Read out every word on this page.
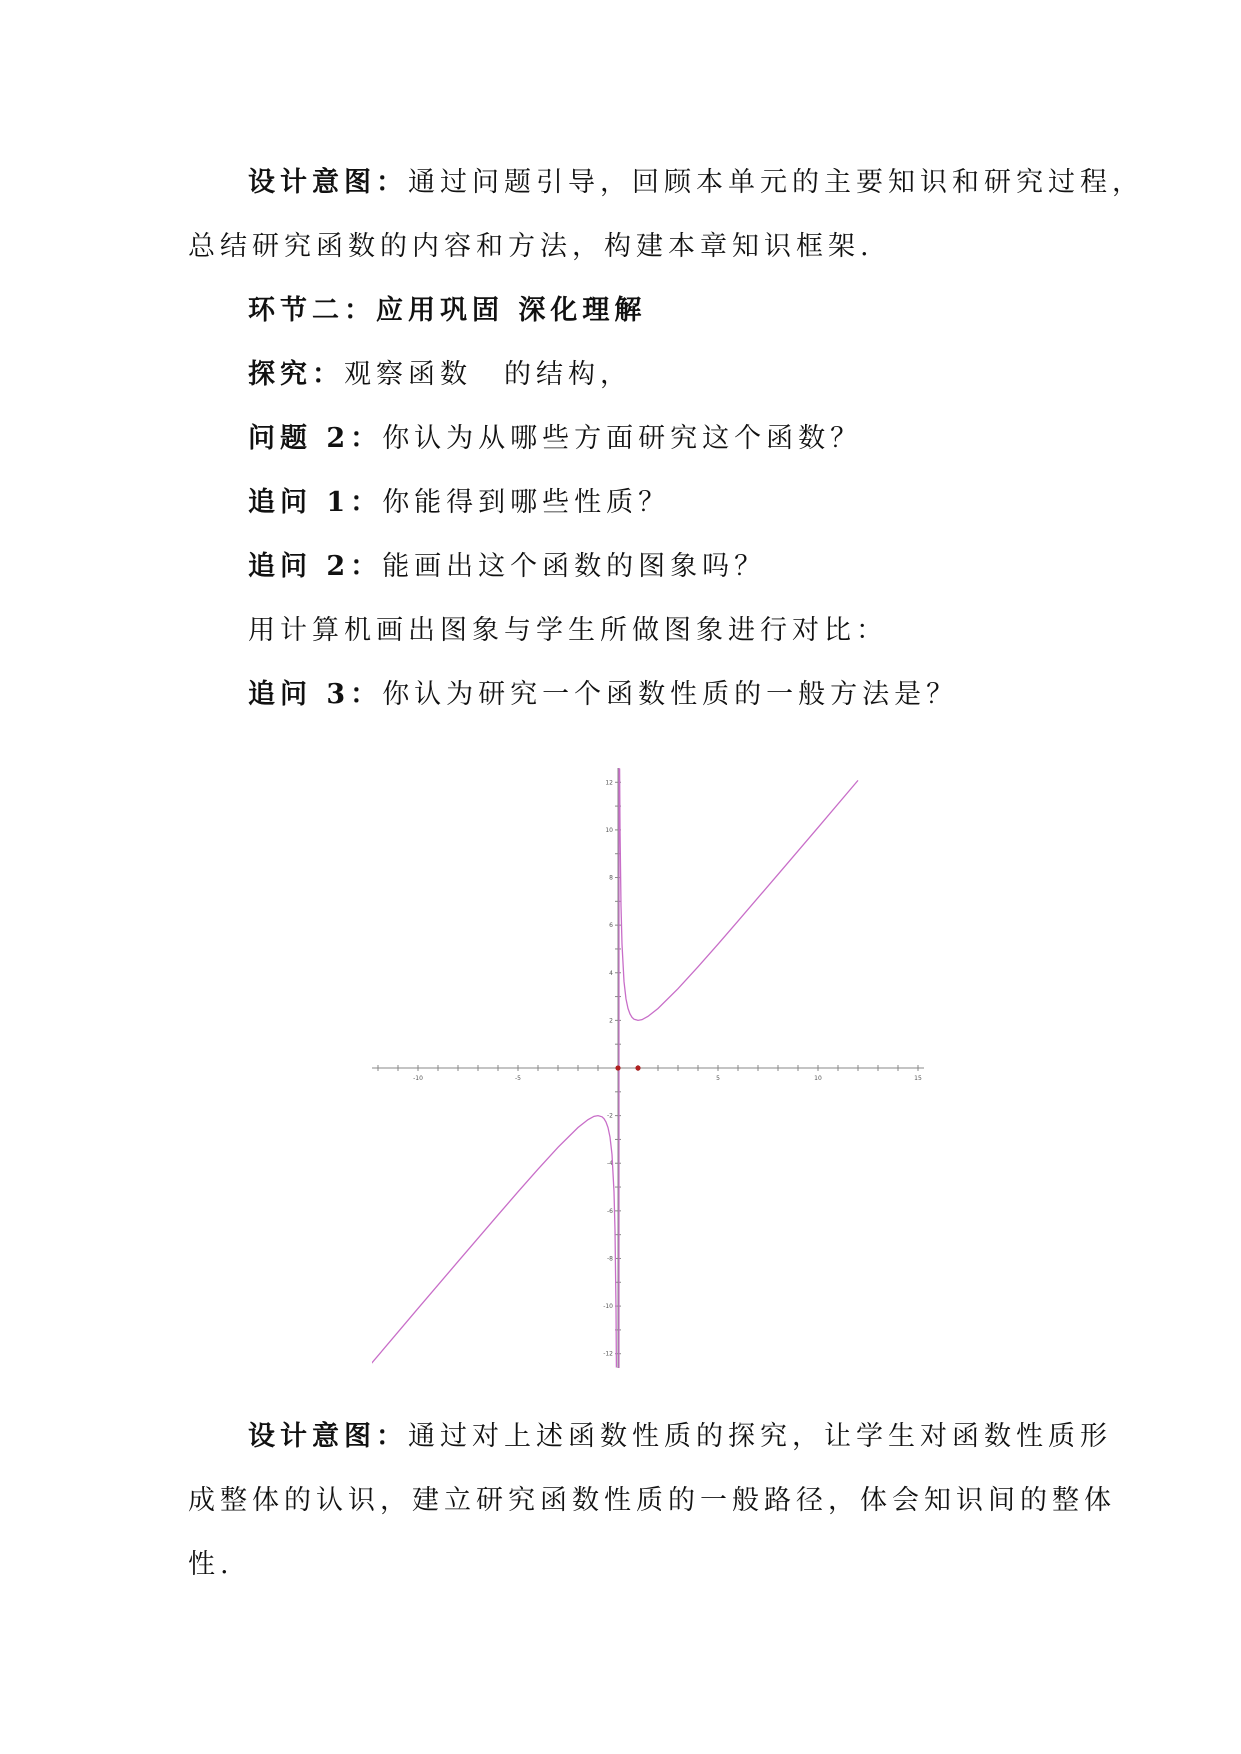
设计意图：通过问题引导，回顾本单元的主要知识和研究过程，
总结研究函数的内容和方法，构建本章知识框架.
环节二：应用巩固 深化理解
探究：观察函数　的结构，
问题 2：你认为从哪些方面研究这个函数？
追问 1：你能得到哪些性质？
追问 2：能画出这个函数的图象吗？
用计算机画出图象与学生所做图象进行对比：
追问 3：你认为研究一个函数性质的一般方法是？
-10	-5	5	10	15
-12
-10
-8
-6
-4
-2
2
4
6
8
10
12
设计意图：通过对上述函数性质的探究，让学生对函数性质形
成整体的认识，建立研究函数性质的一般路径，体会知识间的整体
性.
